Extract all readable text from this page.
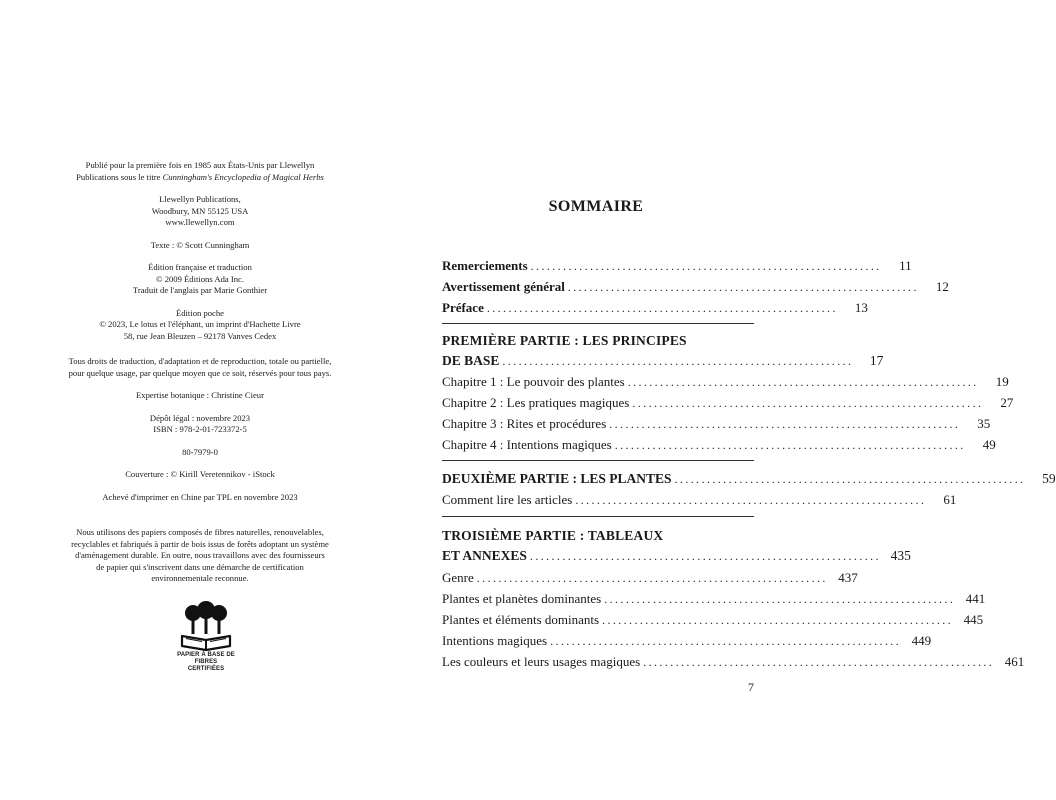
Publié pour la première fois en 1985 aux États-Unis par Llewellyn

Publications sous le titre Cunningham's Encyclopedia of Magical Herbs

Llewellyn Publications,

Woodbury, MN 55125 USA

www.llewellyn.com

Texte : © Scott Cunningham

Édition française et traduction

© 2009 Éditions Ada Inc.

Traduit de l'anglais par Marie Gonthier

Édition poche

© 2023, Le lotus et l'éléphant, un imprint d'Hachette Livre

58, rue Jean Bleuzen – 92178 Vanves Cedex

Tous droits de traduction, d'adaptation et de reproduction, totale ou partielle,

pour quelque usage, par quelque moyen que ce soit, réservés pour tous pays.

Expertise botanique : Christine Cieur

Dépôt légal : novembre 2023

ISBN : 978-2-01-723372-5

80-7979-0

Couverture : © Kirill Veretennikov - iStock

Achevé d'imprimer en Chine par TPL en novembre 2023

Nous utilisons des papiers composés de fibres naturelles, renouvelables,

recyclables et fabriqués à partir de bois issus de forêts adoptant un système

d'aménagement durable. En outre, nous travaillons avec des fournisseurs

de papier qui s'inscrivent dans une démarche de certification

environnementale reconnue.

PAPIER À BASE DE
FIBRES CERTIFIÉES
SOMMAIRE
Remerciements .................................................................	11
Avertissement général .................................................................	12
Préface .................................................................	13
PREMIÈRE PARTIE : LES PRINCIPES
DE BASE .................................................................	17
Chapitre 1 : Le pouvoir des plantes .................................................................	19
Chapitre 2 : Les pratiques magiques .................................................................	27
Chapitre 3 : Rites et procédures .................................................................	35
Chapitre 4 : Intentions magiques .................................................................	49
DEUXIÈME PARTIE : LES PLANTES .................................................................	59
Comment lire les articles .................................................................	61
TROISIÈME PARTIE : TABLEAUX
ET ANNEXES ................................................................. 435
Genre ................................................................. 437
Plantes et planètes dominantes ................................................................. 441
Plantes et éléments dominants ................................................................. 445
Intentions magiques ................................................................. 449
Les couleurs et leurs usages magiques ................................................................. 461
7
